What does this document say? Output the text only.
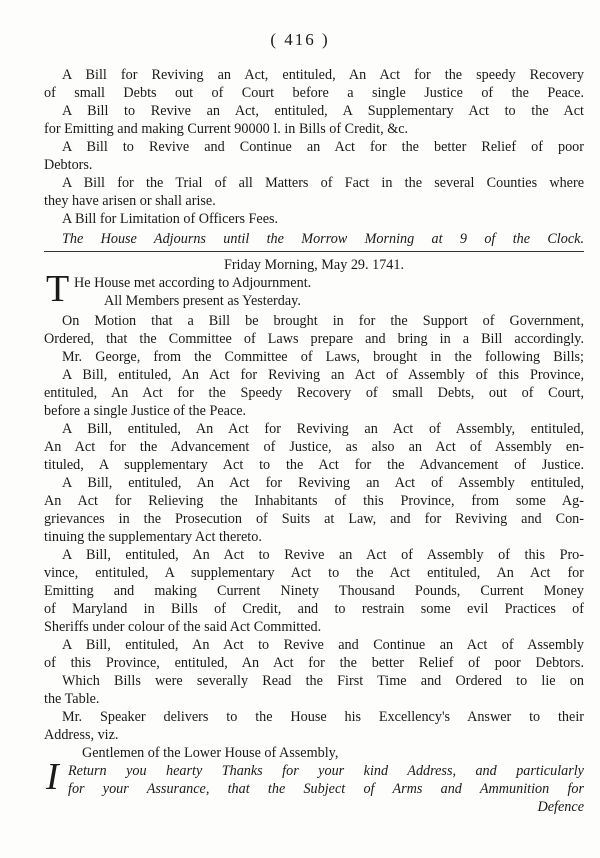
( 416 )

A Bill for Reviving an Act, entituled, An Act for the speedy Recovery

of small Debts out of Court before a single Justice of the Peace.

A Bill to Revive an Act, entituled, A Supplementary Act to the Act

for Emitting and making Current 90000 l. in Bills of Credit, &c.

A Bill to Revive and Continue an Act for the better Relief of poor

Debtors.

A Bill for the Trial of all Matters of Fact in the several Counties where

they have arisen or shall arise.

A Bill for Limitation of Officers Fees.

The House Adjourns until the Morrow Morning at 9 of the Clock.

Friday Morning, May 29. 1741.

T He House met according to Adjournment.

All Members present as Yesterday.

On Motion that a Bill be brought in for the Support of Government,

Ordered, that the Committee of Laws prepare and bring in a Bill accordingly.

Mr. George, from the Committee of Laws, brought in the following Bills;

A Bill, entituled, An Act for Reviving an Act of Assembly of this Province,

entituled, An Act for the Speedy Recovery of small Debts, out of Court,

before a single Justice of the Peace.

A Bill, entituled, An Act for Reviving an Act of Assembly, entituled,

An Act for the Advancement of Justice, as also an Act of Assembly en-

tituled, A supplementary Act to the Act for the Advancement of Justice.

A Bill, entituled, An Act for Reviving an Act of Assembly entituled,

An Act for Relieving the Inhabitants of this Province, from some Ag-

grievances in the Prosecution of Suits at Law, and for Reviving and Con-

tinuing the supplementary Act thereto.

A Bill, entituled, An Act to Revive an Act of Assembly of this Pro-

vince, entituled, A supplementary Act to the Act entituled, An Act for

Emitting and making Current Ninety Thousand Pounds, Current Money

of Maryland in Bills of Credit, and to restrain some evil Practices of

Sheriffs under colour of the said Act Committed.

A Bill, entituled, An Act to Revive and Continue an Act of Assembly

of this Province, entituled, An Act for the better Relief of poor Debtors.

Which Bills were severally Read the First Time and Ordered to lie on

the Table.

Mr. Speaker delivers to the House his Excellency's Answer to their

Address, viz.

Gentlemen of the Lower House of Assembly,

I Return you hearty Thanks for your kind Address, and particularly

for your Assurance, that the Subject of Arms and Ammunition for

Defence
